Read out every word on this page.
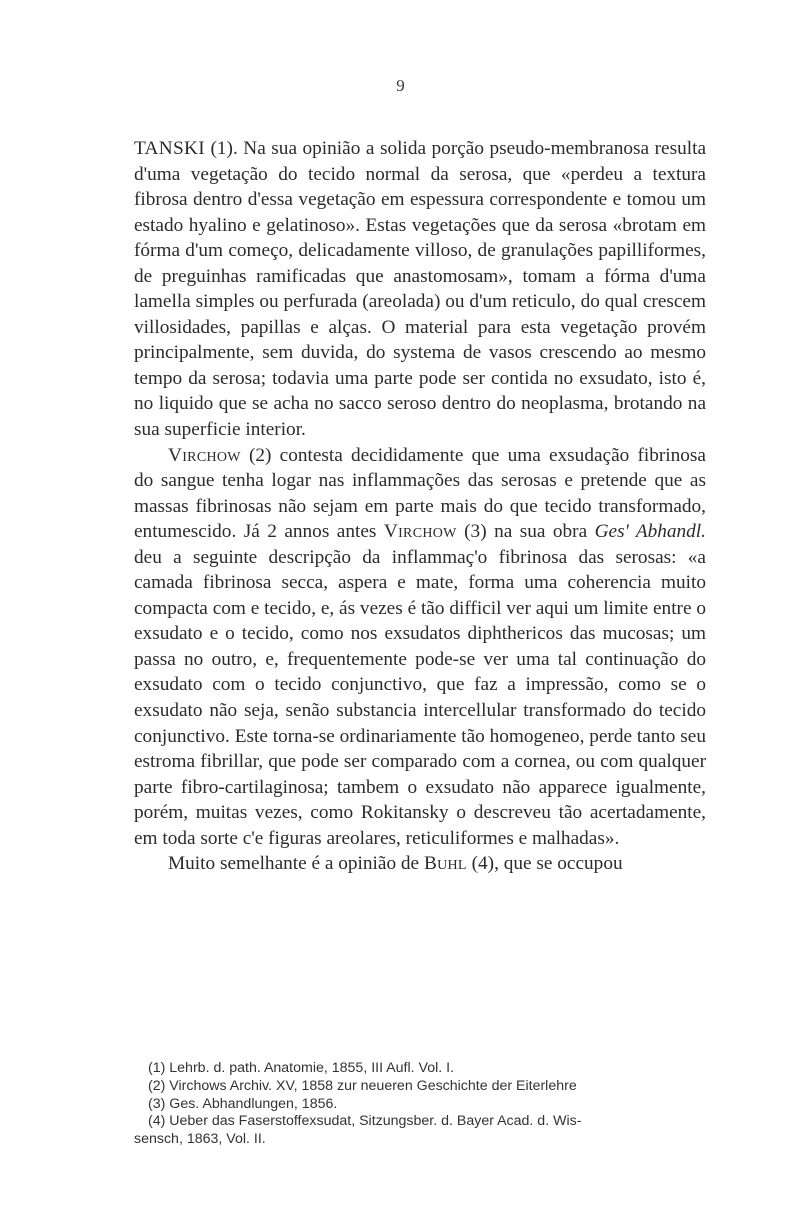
9

TANSKI (1). Na sua opinião a solida porção pseudo-membranosa resulta d'uma vegetação do tecido normal da serosa, que «perdeu a textura fibrosa dentro d'essa vegetação em espessura correspondente e tomou um estado hyalino e gelatinoso». Estas vegetações que da serosa «brotam em fórma d'um começo, delicadamente villoso, de granulações papilliformes, de preguinhas ramificadas que anastomosam», tomam a fórma d'uma lamella simples ou perfurada (areolada) ou d'um reticulo, do qual crescem villosidades, papillas e alças. O material para esta vegetação provém principalmente, sem duvida, do systema de vasos crescendo ao mesmo tempo da serosa; todavia uma parte pode ser contida no exsudato, isto é, no liquido que se acha no sacco seroso dentro do neoplasma, brotando na sua superficie interior.

Virchow (2) contesta decididamente que uma exsudação fibrinosa do sangue tenha logar nas inflammações das serosas e pretende que as massas fibrinosas não sejam em parte mais do que tecido transformado, entumescido. Já 2 annos antes Virchow (3) na sua obra Ges' Abhandl. deu a seguinte descripção da inflammaç'o fibrinosa das serosas: «a camada fibrinosa secca, aspera e mate, forma uma coherencia muito compacta com e tecido, e, ás vezes é tão difficil ver aqui um limite entre o exsudato e o tecido, como nos exsudatos diphthericos das mucosas; um passa no outro, e, frequentemente pode-se ver uma tal continuação do exsudato com o tecido conjunctivo, que faz a impressão, como se o exsudato não seja, senão substancia intercellular transformado do tecido conjunctivo. Este torna-se ordinariamente tão homogeneo, perde tanto seu estroma fibrillar, que pode ser comparado com a cornea, ou com qualquer parte fibro-cartilaginosa; tambem o exsudato não apparece igualmente, porém, muitas vezes, como Rokitansky o descreveu tão acertadamente, em toda sorte c'e figuras areolares, reticuliformes e malhadas».

Muito semelhante é a opinião de Buhl (4), que se occupou

(1) Lehrb. d. path. Anatomie, 1855, III Aufl. Vol. I.

(2) Virchows Archiv. XV, 1858 zur neueren Geschichte der Eiterlehre

(3) Ges. Abhandlungen, 1856.

(4) Ueber das Faserstoffexsudat, Sitzungsber. d. Bayer Acad. d. Wis-

sensch, 1863, Vol. II.
